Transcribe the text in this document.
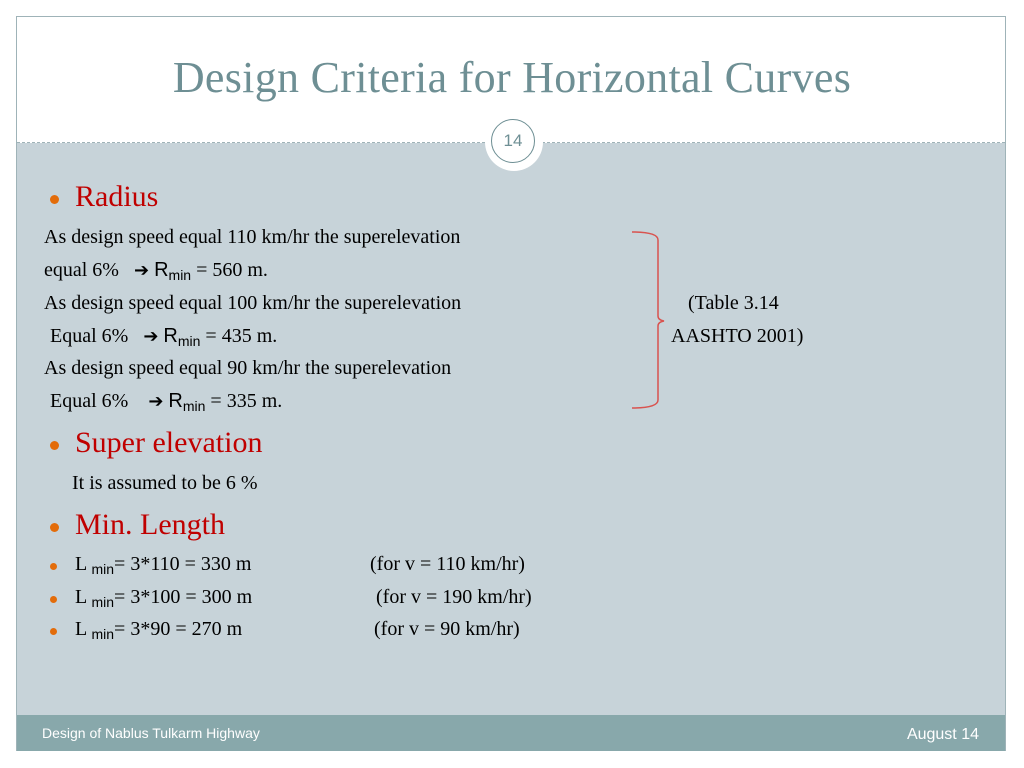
Design Criteria for Horizontal Curves
14
Radius
As design speed equal 110 km/hr the superelevation
equal 6% ➔ $R_{min} = 560$ m.
As design speed equal 100 km/hr the superelevation
Equal 6% ➔ $R_{min} = 435$ m.
As design speed equal 90 km/hr the superelevation
Equal 6% ➔ $R_{min} = 335$ m.
(Table 3.14
AASHTO 2001)
Super elevation
It is assumed to be 6 %
Min. Length
L $_{min}$= 3*110 = 330 m	(for v = 110 km/hr)
L $_{min}$= 3*100 = 300 m	(for v = 190 km/hr)
L $_{min}$= 3*90 = 270 m	(for v = 90 km/hr)
Design of Nablus Tulkarm Highway	August 14
